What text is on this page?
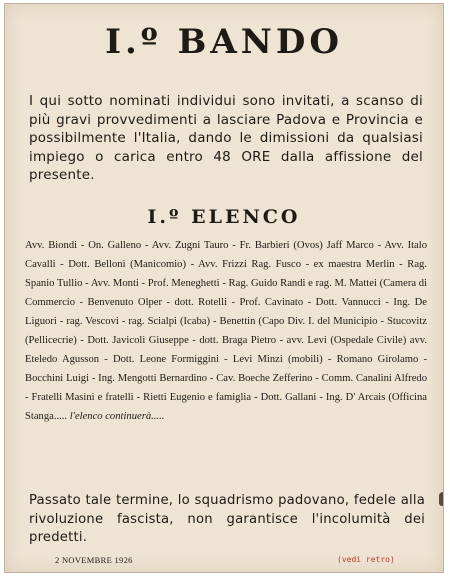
I.º BANDO
I qui sotto nominati individui sono invitati, a scanso di più gravi provvedimenti a lasciare Padova e Provincia e possibilmente l'Italia, dando le dimissioni da qualsiasi impiego o carica entro 48 ORE dalla affissione del presente.
I.º ELENCO
Avv. Biondi - On. Galleno - Avv. Zugni Tauro - Fr. Barbieri (Ovos) Jaff Marco - Avv. Italo Cavalli - Dott. Belloni (Manicomio) - Avv. Frizzi Rag. Fusco - ex maestra Merlin - Rag. Spanio Tullio - Avv. Monti - Prof. Meneghetti - Rag. Guido Randi e rag. M. Mattei (Camera di Commercio - Benvenuto Olper - dott. Rotelli - Prof. Cavinato - Dott. Vannucci - Ing. De Liguori - rag. Vescovi - rag. Scialpi (Icaba) - Benettin (Capo Div. I. del Municipio - Stucovitz (Pellicecrie) - Dott. Javicoli Giuseppe - dott. Braga Pietro - avv. Levi (Ospedale Civile) avv. Eteledo Agusson - Dott. Leone Formiggini - Levi Minzi (mobili) - Romano Girolamo - Bocchini Luigi - Ing. Mengotti Bernardino - Cav. Boeche Zefferino - Comm. Canalini Alfredo - Fratelli Masini e fratelli - Rietti Eugenio e famiglia - Dott. Gallani - Ing. D' Arcais (Officina Stanga..... l'elenco continuerà.....
Passato tale termine, lo squadrismo padovano, fedele alla rivoluzione fascista, non garantisce l'incolumità dei predetti.
2 NOVEMBRE 1926	(vedi retro)
